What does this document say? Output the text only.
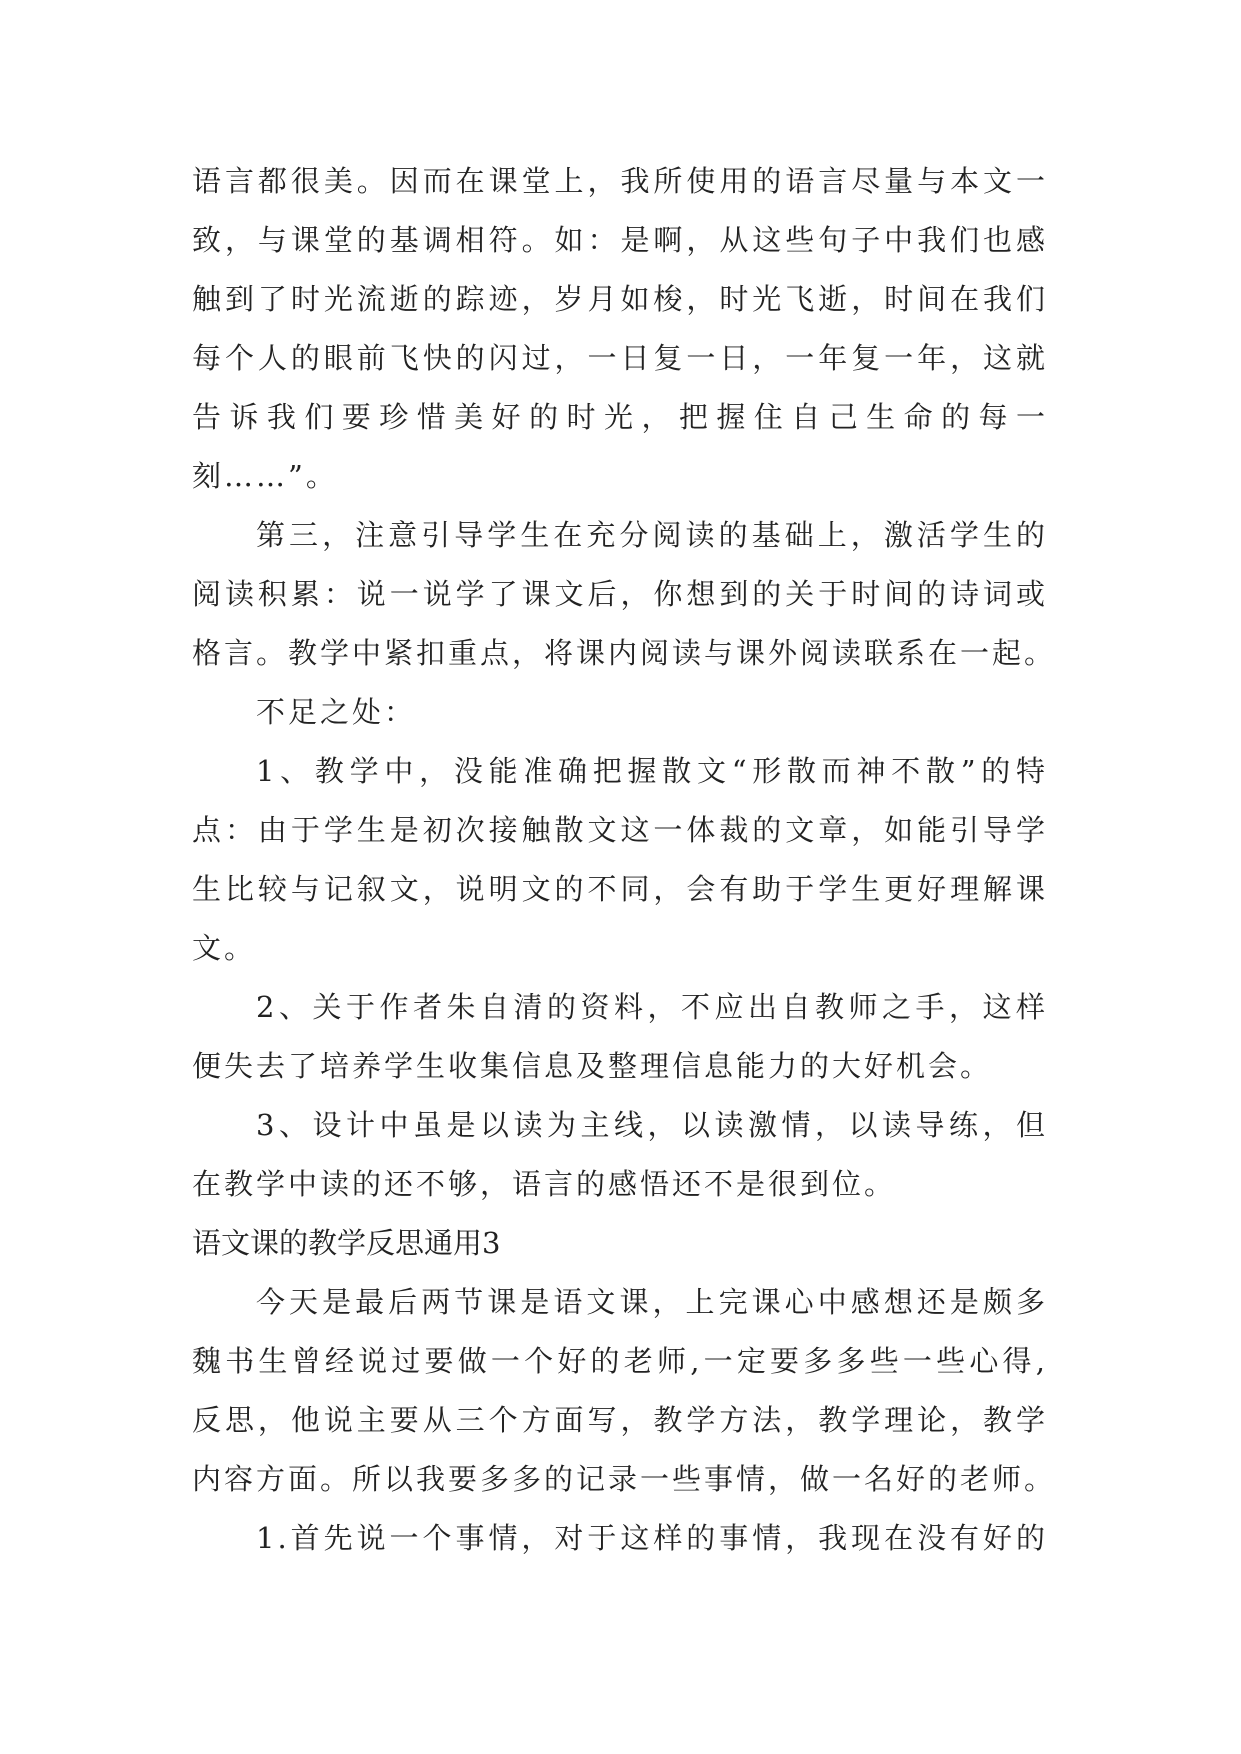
语言都很美。因而在课堂上，我所使用的语言尽量与本文一
致，与课堂的基调相符。如：是啊，从这些句子中我们也感
触到了时光流逝的踪迹，岁月如梭，时光飞逝，时间在我们
每个人的眼前飞快的闪过，一日复一日，一年复一年，这就
告诉我们要珍惜美好的时光，把握住自己生命的每一
刻……”。
第三，注意引导学生在充分阅读的基础上，激活学生的
阅读积累：说一说学了课文后，你想到的关于时间的诗词或
格言。教学中紧扣重点，将课内阅读与课外阅读联系在一起。
不足之处：
1、教学中，没能准确把握散文“形散而神不散”的特
点：由于学生是初次接触散文这一体裁的文章，如能引导学
生比较与记叙文，说明文的不同，会有助于学生更好理解课
文。
2、关于作者朱自清的资料，不应出自教师之手，这样
便失去了培养学生收集信息及整理信息能力的大好机会。
3、设计中虽是以读为主线，以读激情，以读导练，但
在教学中读的还不够，语言的感悟还不是很到位。
语文课的教学反思通用3
今天是最后两节课是语文课，上完课心中感想还是颇多
魏书生曾经说过要做一个好的老师,一定要多多些一些心得,
反思，他说主要从三个方面写，教学方法，教学理论，教学
内容方面。所以我要多多的记录一些事情，做一名好的老师。
1.首先说一个事情，对于这样的事情，我现在没有好的
